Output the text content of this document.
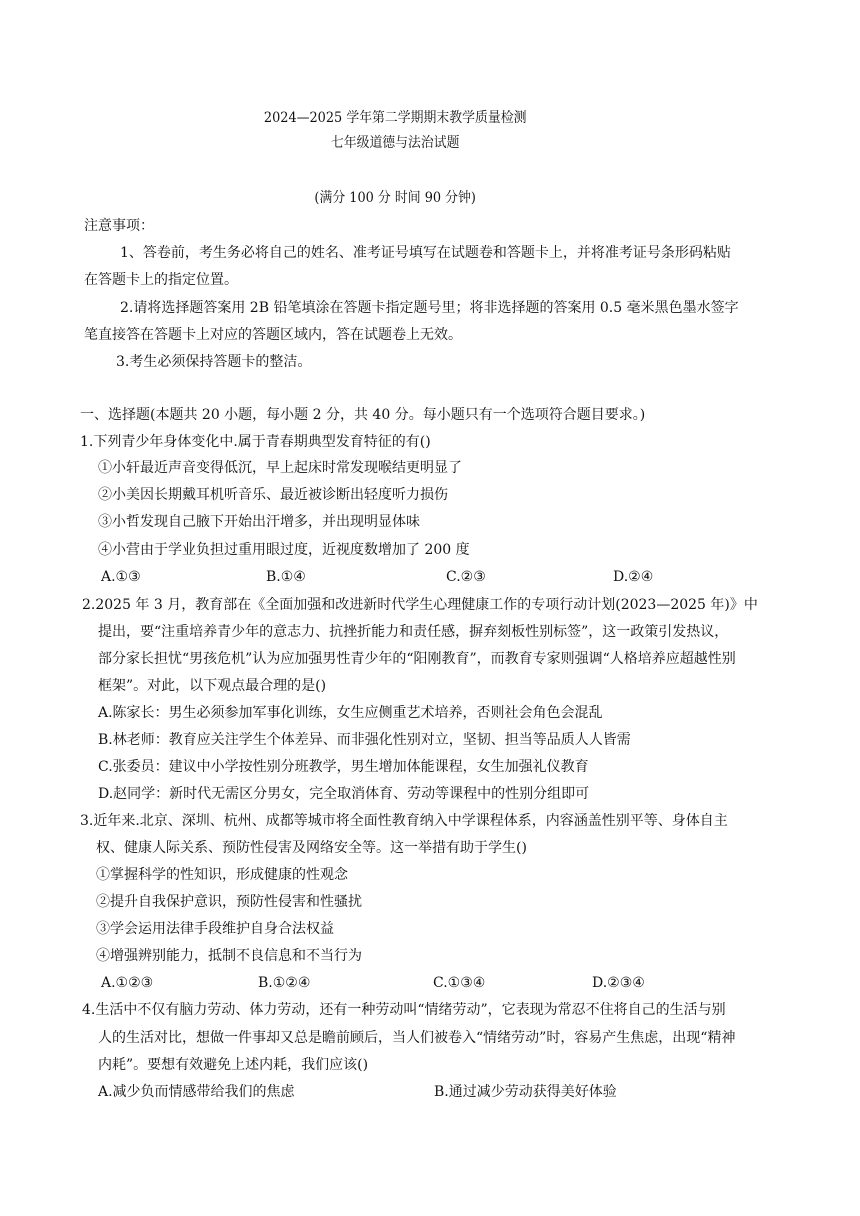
2024—2025 学年第二学期期末教学质量检测
七年级道德与法治试题
(满分 100 分 时间 90 分钟)
注意事项：
1、答卷前，考生务必将自己的姓名、准考证号填写在试题卷和答题卡上，并将准考证号条形码粘贴
在答题卡上的指定位置。
2.请将选择题答案用 2B 铅笔填涂在答题卡指定题号里；将非选择题的答案用 0.5 毫米黑色墨水签字
笔直接答在答题卡上对应的答题区域内，答在试题卷上无效。
3.考生必须保持答题卡的整洁。
一、选择题(本题共 20 小题，每小题 2 分，共 40 分。每小题只有一个选项符合题目要求。)
1.下列青少年身体变化中.属于青春期典型发育特征的有()
①小轩最近声音变得低沉，早上起床时常发现喉结更明显了
②小美因长期戴耳机听音乐、最近被诊断出轻度听力损伤
③小哲发现自己腋下开始出汗增多，并出现明显体味
④小营由于学业负担过重用眼过度，近视度数增加了 200 度
A.①③	B.①④	C.②③	D.②④
2.2025 年 3 月，教育部在《全面加强和改进新时代学生心理健康工作的专项行动计划(2023—2025 年)》中
提出，要“注重培养青少年的意志力、抗挫折能力和责任感，摒弃刻板性别标签”，这一政策引发热议，
部分家长担忧“男孩危机”认为应加强男性青少年的“阳刚教育”，而教育专家则强调“人格培养应超越性别
框架”。对此，以下观点最合理的是()
A.陈家长：男生必须参加军事化训练，女生应侧重艺术培养，否则社会角色会混乱
B.林老师：教育应关注学生个体差异、而非强化性别对立，坚韧、担当等品质人人皆需
C.张委员：建议中小学按性别分班教学，男生增加体能课程，女生加强礼仪教育
D.赵同学：新时代无需区分男女，完全取消体育、劳动等课程中的性别分组即可
3.近年来.北京、深圳、杭州、成都等城市将全面性教育纳入中学课程体系，内容涵盖性别平等、身体自主
权、健康人际关系、预防性侵害及网络安全等。这一举措有助于学生()
①掌握科学的性知识，形成健康的性观念
②提升自我保护意识，预防性侵害和性骚扰
③学会运用法律手段维护自身合法权益
④增强辨别能力，抵制不良信息和不当行为
A.①②③	B.①②④	C.①③④	D.②③④
4.生活中不仅有脑力劳动、体力劳动，还有一种劳动叫“情绪劳动”，它表现为常忍不住将自己的生活与别
人的生活对比，想做一件事却又总是瞻前顾后，当人们被卷入“情绪劳动”时，容易产生焦虑，出现“精神
内耗”。要想有效避免上述内耗，我们应该()
A.减少负而情感带给我们的焦虑	B.通过减少劳动获得美好体验
